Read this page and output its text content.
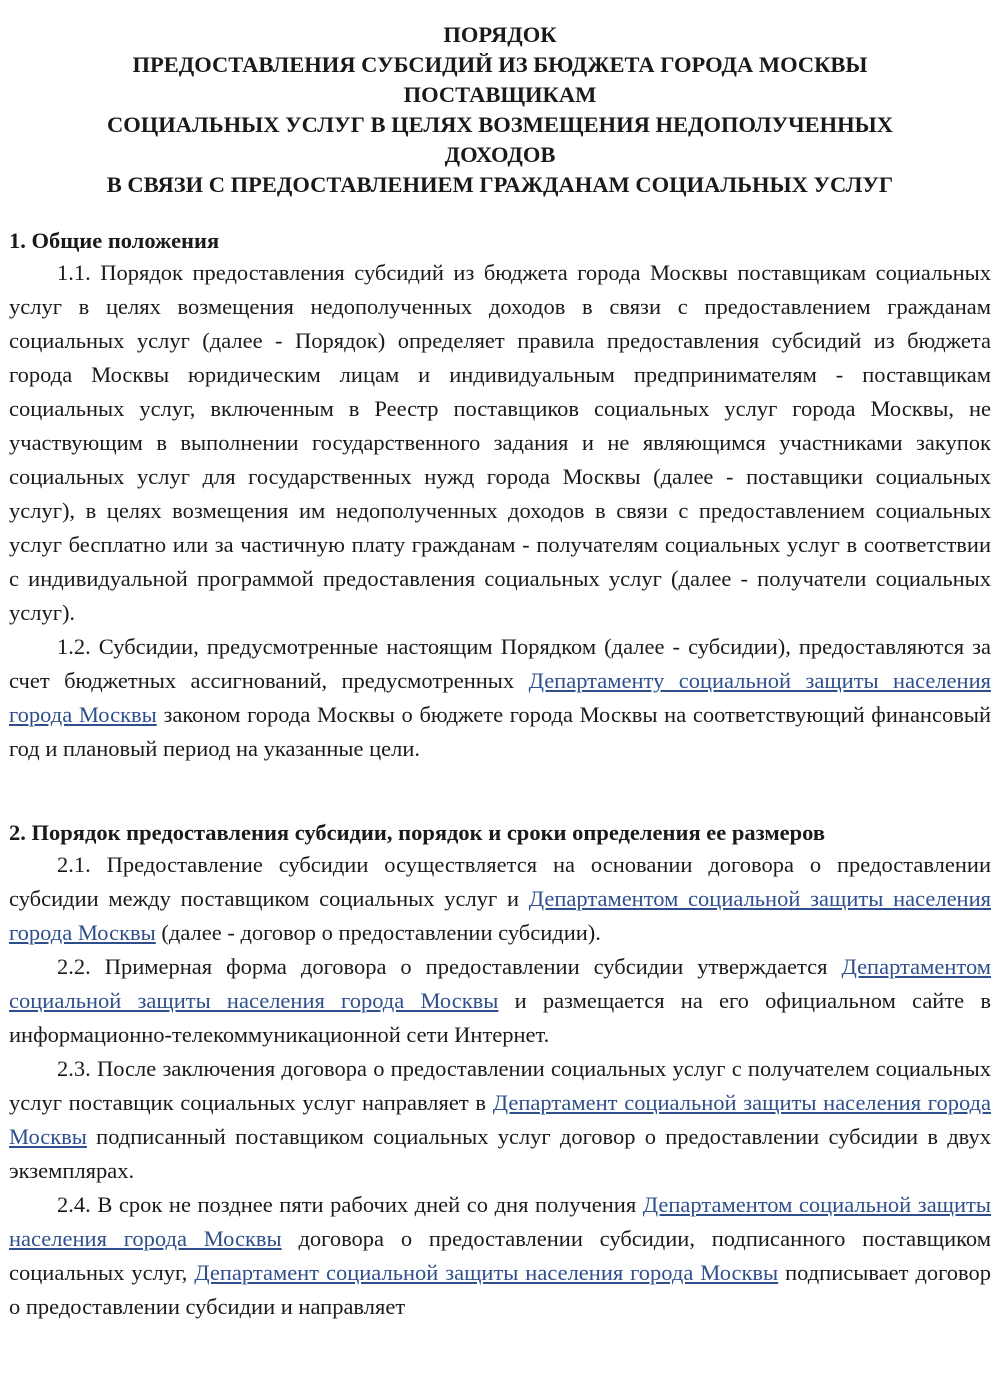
ПОРЯДОК
ПРЕДОСТАВЛЕНИЯ СУБСИДИЙ ИЗ БЮДЖЕТА ГОРОДА МОСКВЫ
ПОСТАВЩИКАМ
СОЦИАЛЬНЫХ УСЛУГ В ЦЕЛЯХ ВОЗМЕЩЕНИЯ НЕДОПОЛУЧЕННЫХ
ДОХОДОВ
В СВЯЗИ С ПРЕДОСТАВЛЕНИЕМ ГРАЖДАНАМ СОЦИАЛЬНЫХ УСЛУГ
1. Общие положения

1.1. Порядок предоставления субсидий из бюджета города Москвы поставщикам социальных услуг в целях возмещения недополученных доходов в связи с предоставлением гражданам социальных услуг (далее - Порядок) определяет правила предоставления субсидий из бюджета города Москвы юридическим лицам и индивидуальным предпринимателям - поставщикам социальных услуг, включенным в Реестр поставщиков социальных услуг города Москвы, не участвующим в выполнении государственного задания и не являющимся участниками закупок социальных услуг для государственных нужд города Москвы (далее - поставщики социальных услуг), в целях возмещения им недополученных доходов в связи с предоставлением социальных услуг бесплатно или за частичную плату гражданам - получателям социальных услуг в соответствии с индивидуальной программой предоставления социальных услуг (далее - получатели социальных услуг).

1.2. Субсидии, предусмотренные настоящим Порядком (далее - субсидии), предоставляются за счет бюджетных ассигнований, предусмотренных Департаменту социальной защиты населения города Москвы законом города Москвы о бюджете города Москвы на соответствующий финансовый год и плановый период на указанные цели.

2. Порядок предоставления субсидии, порядок и сроки определения ее размеров

2.1. Предоставление субсидии осуществляется на основании договора о предоставлении субсидии между поставщиком социальных услуг и Департаментом социальной защиты населения города Москвы (далее - договор о предоставлении субсидии).

2.2. Примерная форма договора о предоставлении субсидии утверждается Департаментом социальной защиты населения города Москвы и размещается на его официальном сайте в информационно-телекоммуникационной сети Интернет.

2.3. После заключения договора о предоставлении социальных услуг с получателем социальных услуг поставщик социальных услуг направляет в Департамент социальной защиты населения города Москвы подписанный поставщиком социальных услуг договор о предоставлении субсидии в двух экземплярах.

2.4. В срок не позднее пяти рабочих дней со дня получения Департаментом социальной защиты населения города Москвы договора о предоставлении субсидии, подписанного поставщиком социальных услуг, Департамент социальной защиты населения города Москвы подписывает договор о предоставлении субсидии и направляет
